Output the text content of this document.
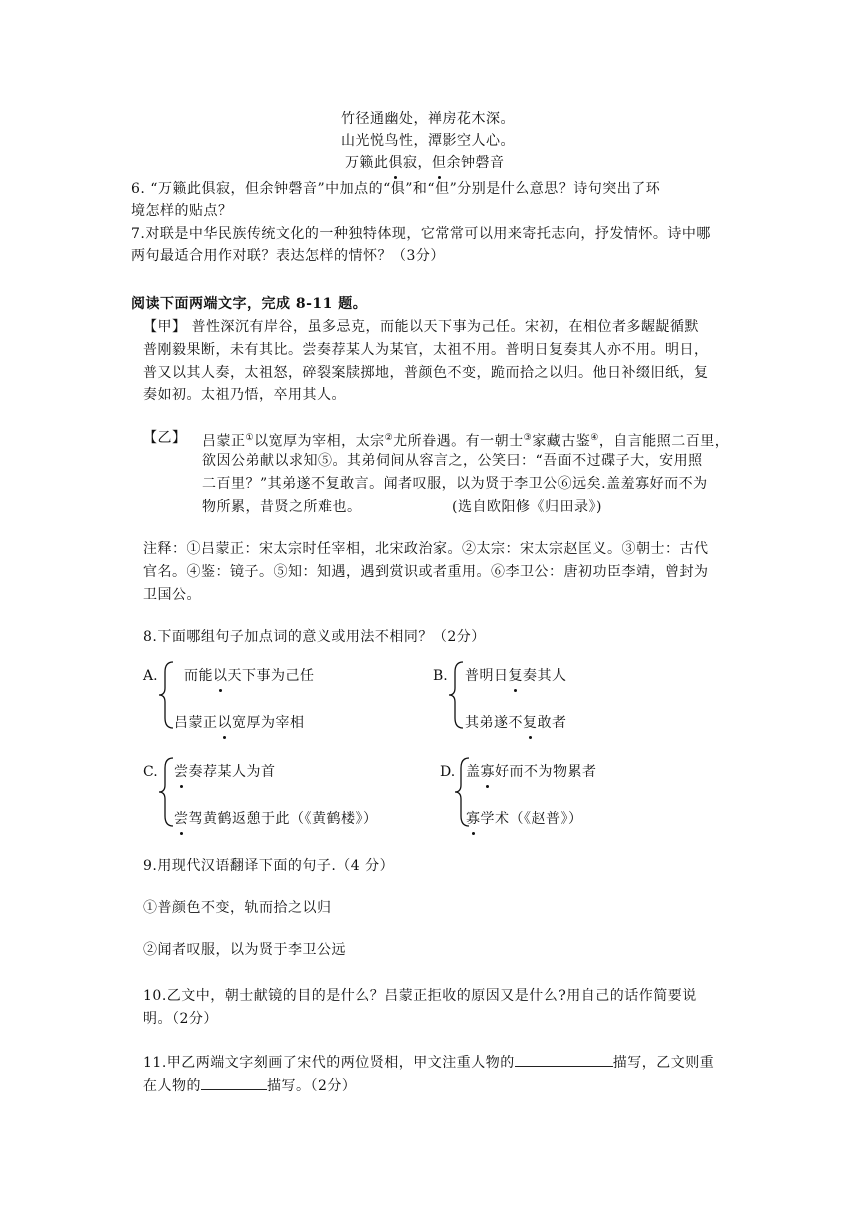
竹径通幽处，禅房花木深。
山光悦鸟性，潭影空人心。
万籁此俱寂，但余钟磬音
6. “万籁此俱寂，但余钟磬音”中加点的“俱”和“但”分别是什么意思？诗句突出了环
境怎样的贴点？
7.对联是中华民族传统文化的一种独特体现，它常常可以用来寄托志向，抒发情怀。诗中哪
两句最适合用作对联？表达怎样的情怀？（3分）
阅读下面两端文字，完成 8-11 题。
【甲】 普性深沉有岸谷，虽多忌克，而能以天下事为己任。宋初，在相位者多龌龊循默
普刚毅果断，未有其比。尝奏荐某人为某官，太祖不用。普明日复奏其人亦不用。明日，
普又以其人奏，太祖怒，碎裂案牍掷地，普颜色不变，跪而拾之以归。他日补缀旧纸，复
奏如初。太祖乃悟，卒用其人。
【乙】 吕蒙正①以宽厚为宰相，太宗②尤所眷遇。有一朝士③家藏古鉴④，自言能照二百里，
欲因公弟献以求知⑤。其弟伺间从容言之，公笑曰：“吾面不过碟子大，安用照
二百里？”其弟遂不复敢言。闻者叹服，以为贤于李卫公⑥远矣.盖羞寡好而不为
物所累，昔贤之所难也。	(选自欧阳修《归田录》)
注释：①吕蒙正：宋太宗时任宰相，北宋政治家。②太宗：宋太宗赵匡义。③朝士：古代
官名。④鉴：镜子。⑤知：知遇，遇到赏识或者重用。⑥李卫公：唐初功臣李靖，曾封为
卫国公。
8.下面哪组句子加点词的意义或用法不相同？（2分）
A. 而能以天下事为己任
吕蒙正以宽厚为宰相
B. 普明日复奏其人
其弟遂不复敢者
C. 尝奏荐某人为首
尝驾黄鹤返憩于此（《黄鹤楼》）
D. 盖寡好而不为物累者
寡学术（《赵普》）
9.用现代汉语翻译下面的句子.（4 分）
①普颜色不变，轨而拾之以归
②闻者叹服，以为贤于李卫公远
10.乙文中，朝士献镜的目的是什么？吕蒙正拒收的原因又是什么?用自己的话作简要说
明。（2分）
11.甲乙两端文字刻画了宋代的两位贤相，甲文注重人物的	描写，乙文则重
在人物的	描写。（2分）
